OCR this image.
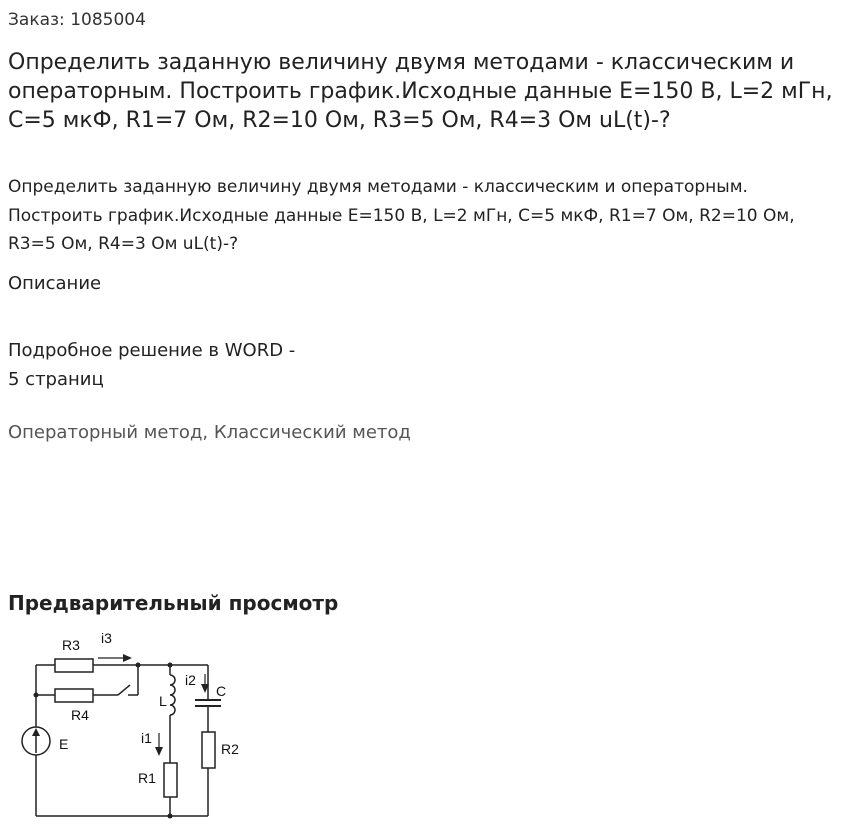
Заказ: 1085004
Определить заданную величину двумя методами - классическим и операторным. Построить график.Исходные данные E=150 В, L=2 мГн, C=5 мкФ, R1=7 Ом, R2=10 Ом, R3=5 Ом, R4=3 Ом uL(t)-?

Определить заданную величину двумя методами - классическим и операторным. Построить график.Исходные данные E=150 В, L=2 мГн, C=5 мкФ, R1=7 Ом, R2=10 Ом, R3=5 Ом, R4=3 Ом uL(t)-?

Описание
Подробное решение в WORD -
5 страниц
Операторный метод, Классический метод
Предварительный просмотр
R3 i3
R4
i2
C
L
i1
E
R1
R2
